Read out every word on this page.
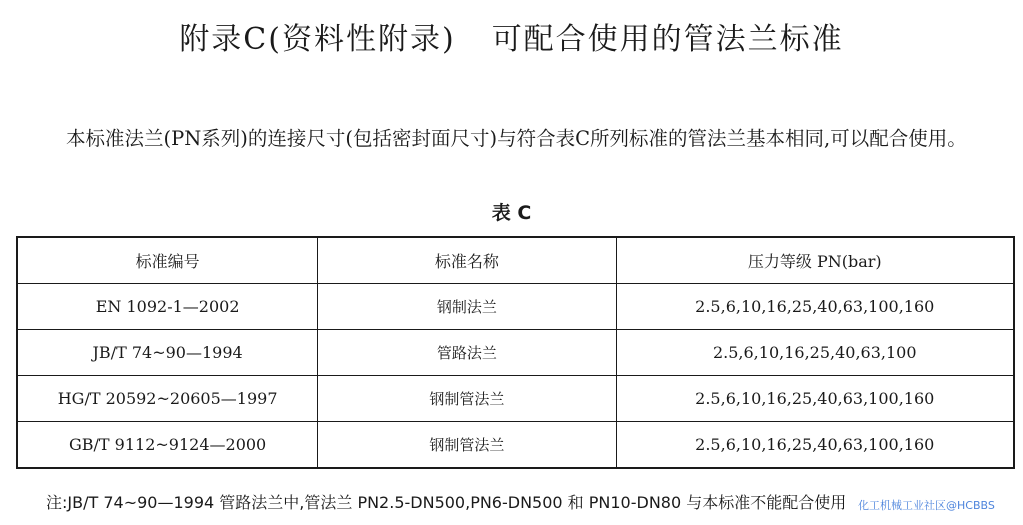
附录C(资料性附录) 可配合使用的管法兰标准
本标准法兰(PN系列)的连接尺寸(包括密封面尺寸)与符合表C所列标准的管法兰基本相同,可以配合使用。
表 C
标准编号	标准名称	压力等级 PN(bar)
EN 1092-1—2002	钢制法兰	2.5,6,10,16,25,40,63,100,160
JB/T 74~90—1994	管路法兰	2.5,6,10,16,25,40,63,100
HG/T 20592~20605—1997	钢制管法兰	2.5,6,10,16,25,40,63,100,160
GB/T 9112~9124—2000	钢制管法兰	2.5,6,10,16,25,40,63,100,160
注:JB/T 74~90—1994 管路法兰中,管法兰 PN2.5-DN500,PN6-DN500 和 PN10-DN80 与本标准不能配合使用 化工机械工业社区@HCBBS
